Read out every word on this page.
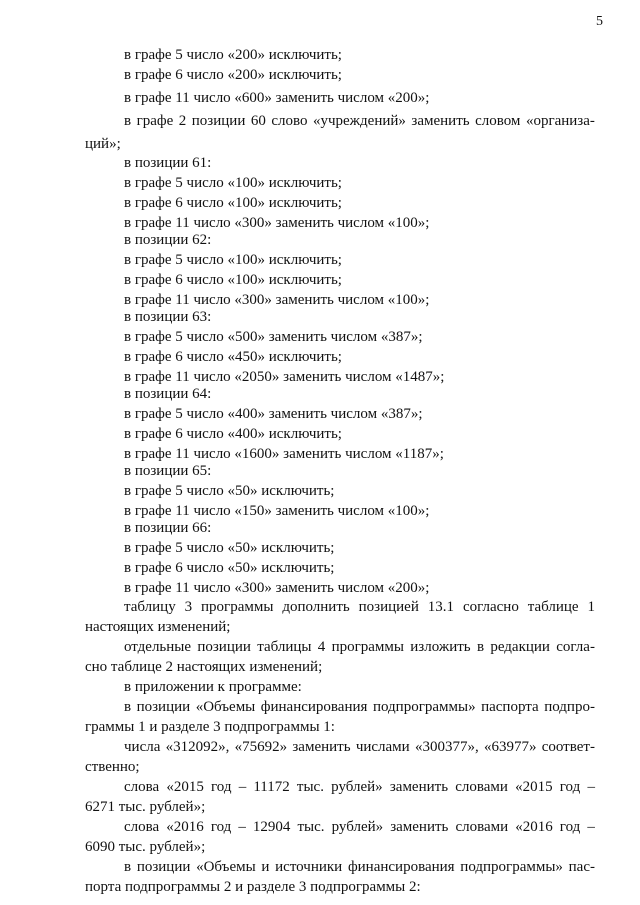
5
в графе 5 число «200» исключить;
в графе 6 число «200» исключить;
в графе 11 число «600» заменить числом «200»;
в графе 2 позиции 60 слово «учреждений» заменить словом «организа-
ций»;
в позиции 61:
в графе 5 число «100» исключить;
в графе 6 число «100» исключить;
в графе 11 число «300» заменить числом «100»;
в позиции 62:
в графе 5 число «100» исключить;
в графе 6 число «100» исключить;
в графе 11 число «300» заменить числом «100»;
в позиции 63:
в графе 5 число «500» заменить числом «387»;
в графе 6 число «450» исключить;
в графе 11 число «2050» заменить числом «1487»;
в позиции 64:
в графе 5 число «400» заменить числом «387»;
в графе 6 число «400» исключить;
в графе 11 число «1600» заменить числом «1187»;
в позиции 65:
в графе 5 число «50» исключить;
в графе 11 число «150» заменить числом «100»;
в позиции 66:
в графе 5 число «50» исключить;
в графе 6 число «50» исключить;
в графе 11 число «300» заменить числом «200»;
таблицу 3 программы дополнить позицией 13.1 согласно таблице 1
настоящих изменений;
отдельные позиции таблицы 4 программы изложить в редакции согла-
сно таблице 2 настоящих изменений;
в приложении к программе:
в позиции «Объемы финансирования подпрограммы» паспорта подпро-
граммы 1 и разделе 3 подпрограммы 1:
числа «312092», «75692» заменить числами «300377», «63977» соответ-
ственно;
слова «2015 год – 11172 тыс. рублей» заменить словами «2015 год –
6271 тыс. рублей»;
слова «2016 год – 12904 тыс. рублей» заменить словами «2016 год –
6090 тыс. рублей»;
в позиции «Объемы и источники финансирования подпрограммы» пас-
порта подпрограммы 2 и разделе 3 подпрограммы 2:
